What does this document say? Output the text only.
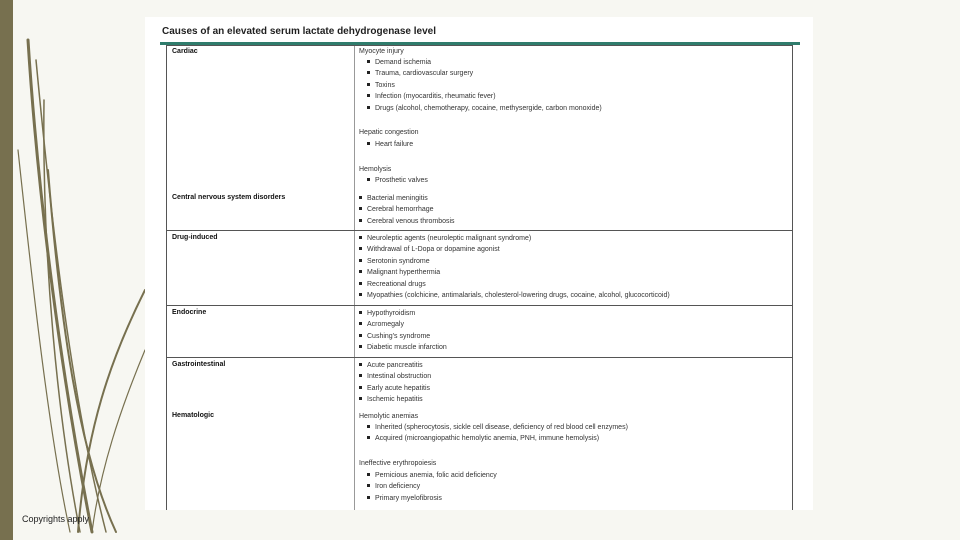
Copyrights apply
Causes of an elevated serum lactate dehydrogenase level
Cardiac	Myocyte injury
Demand ischemia
Trauma, cardiovascular surgery
Toxins
Infection (myocarditis, rheumatic fever)
Drugs (alcohol, chemotherapy, cocaine, methysergide, carbon monoxide)
Hepatic congestion
Heart failure
Hemolysis
Prosthetic valves
Central nervous system disorders	Bacterial meningitis
Cerebral hemorrhage
Cerebral venous thrombosis
Drug-induced	Neuroleptic agents (neuroleptic malignant syndrome)
Withdrawal of L-Dopa or dopamine agonist
Serotonin syndrome
Malignant hyperthermia
Recreational drugs
Myopathies (colchicine, antimalarials, cholesterol-lowering drugs, cocaine, alcohol, glucocorticoid)
Endocrine	Hypothyroidism
Acromegaly
Cushing's syndrome
Diabetic muscle infarction
Gastrointestinal	Acute pancreatitis
Intestinal obstruction
Early acute hepatitis
Ischemic hepatitis
Hematologic	Hemolytic anemias
Inherited (spherocytosis, sickle cell disease, deficiency of red blood cell enzymes)
Acquired (microangiopathic hemolytic anemia, PNH, immune hemolysis)
Ineffective erythropoiesis
Pernicious anemia, folic acid deficiency
Iron deficiency
Primary myelofibrosis
